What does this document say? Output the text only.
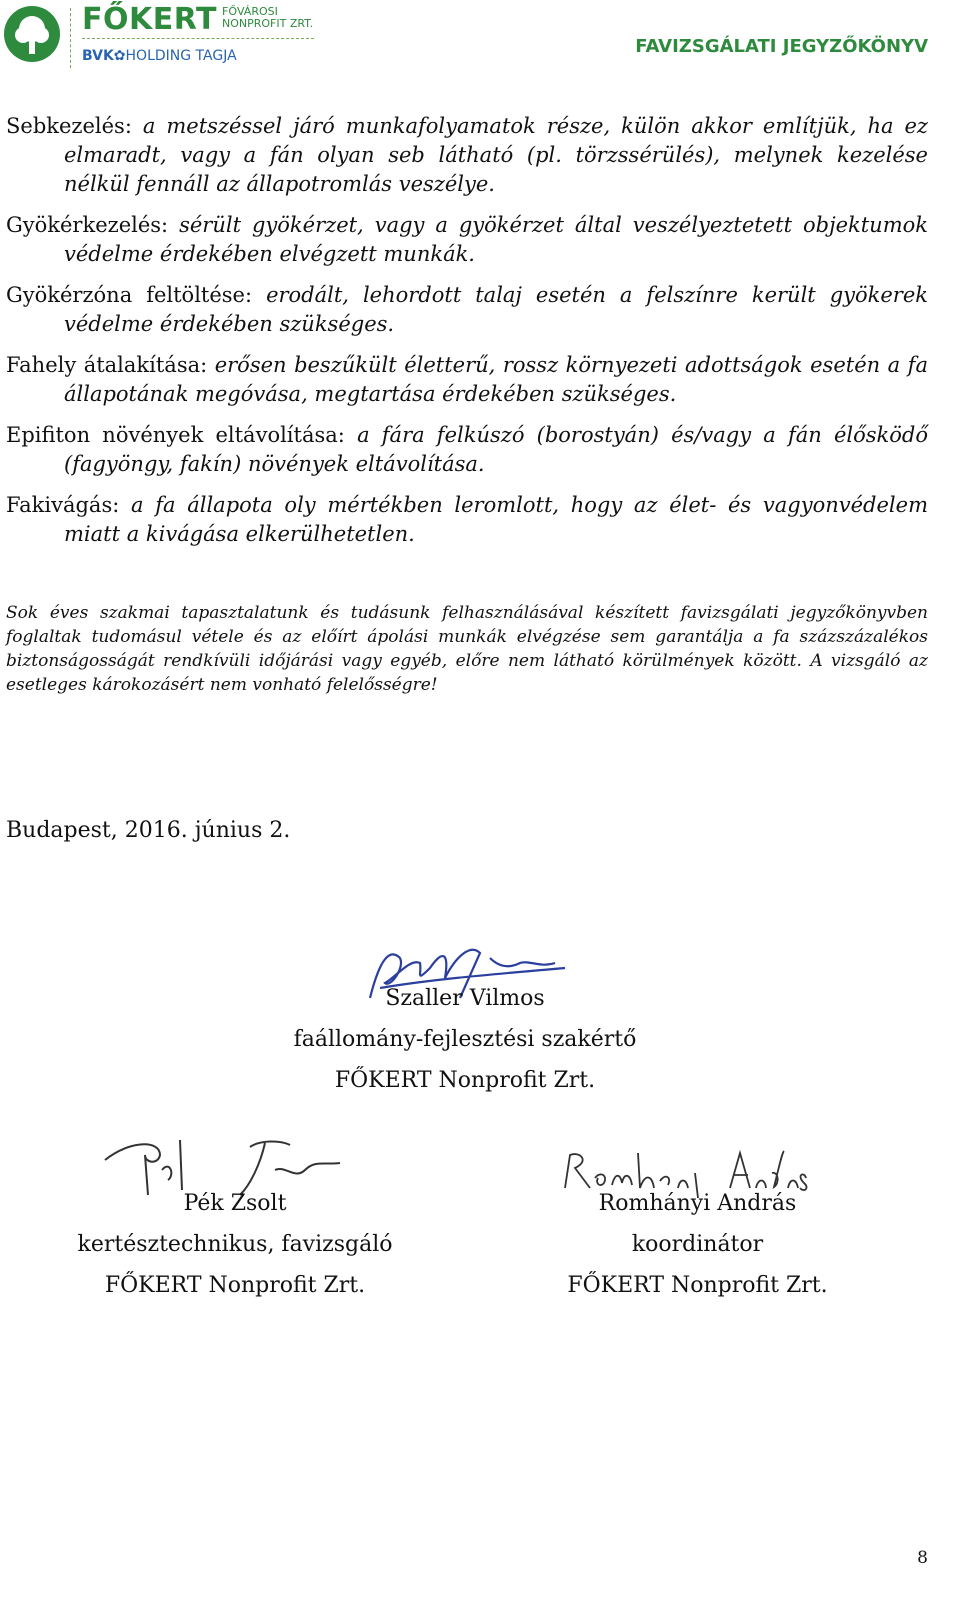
FŐKERT FŐVÁROSI
NONPROFIT ZRT.
BVK✿HOLDING TAGJA	FAVIZSGÁLATI JEGYZŐKÖNYV

Sebkezelés: a metszéssel járó munkafolyamatok része, külön akkor említjük, ha ez elmaradt, vagy a fán olyan seb látható (pl. törzssérülés), melynek kezelése nélkül fennáll az állapotromlás veszélye.

Gyökérkezelés: sérült gyökérzet, vagy a gyökérzet által veszélyeztetett objektumok védelme érdekében elvégzett munkák.

Gyökérzóna feltöltése: erodált, lehordott talaj esetén a felszínre került gyökerek védelme érdekében szükséges.

Fahely átalakítása: erősen beszűkült életterű, rossz környezeti adottságok esetén a fa állapotának megóvása, megtartása érdekében szükséges.

Epifiton növények eltávolítása: a fára felkúszó (borostyán) és/vagy a fán élősködő (fagyöngy, fakín) növények eltávolítása.

Fakivágás: a fa állapota oly mértékben leromlott, hogy az élet- és vagyonvédelem miatt a kivágása elkerülhetetlen.

Sok éves szakmai tapasztalatunk és tudásunk felhasználásával készített favizsgálati jegyzőkönyvben foglaltak tudomásul vétele és az előírt ápolási munkák elvégzése sem garantálja a fa százszázalékos biztonságosságát rendkívüli időjárási vagy egyéb, előre nem látható körülmények között. A vizsgáló az esetleges károkozásért nem vonható felelősségre!
Budapest, 2016. június 2.
Szaller Vilmos
faállomány-fejlesztési szakértő
FŐKERT Nonprofit Zrt.
Pék Zsolt
kertésztechnikus, favizsgáló
FŐKERT Nonprofit Zrt.
Romhányi András
koordinátor
FŐKERT Nonprofit Zrt.
8
